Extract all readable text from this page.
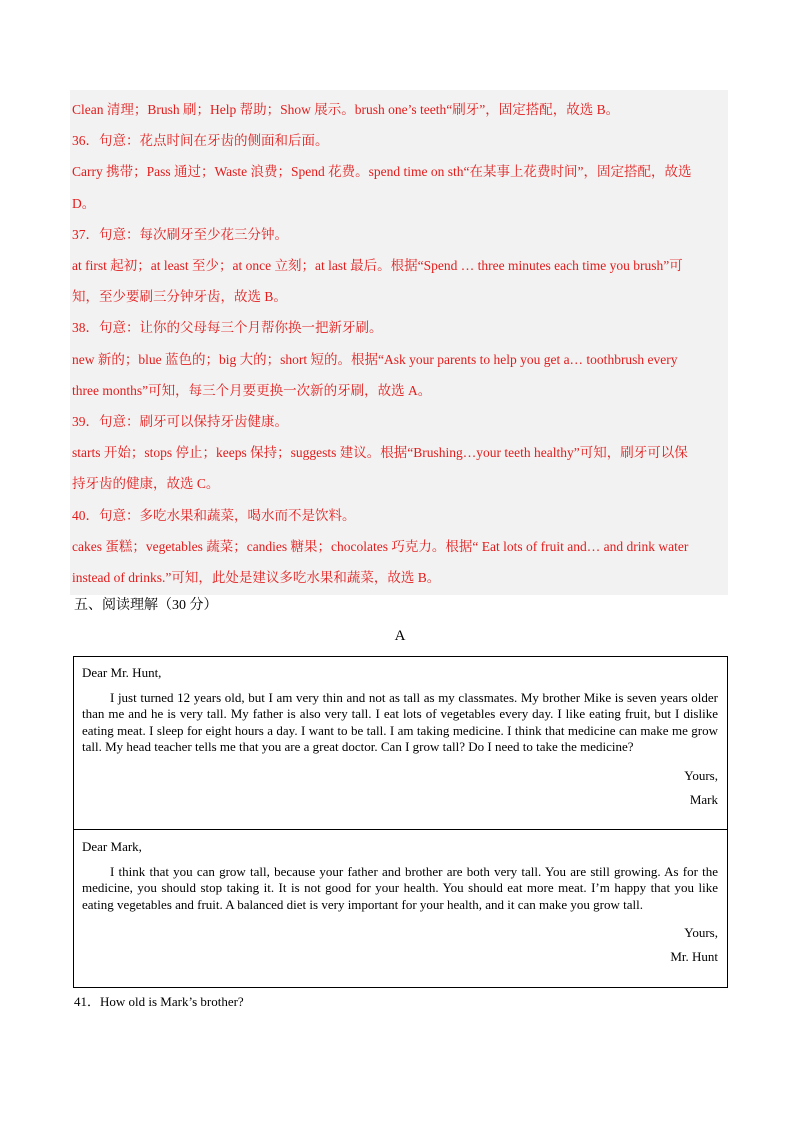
Clean 清理；Brush 刷；Help 帮助；Show 展示。brush one’s teeth“刷牙”，固定搭配，故选 B。

36．句意：花点时间在牙齿的侧面和后面。

Carry 携带；Pass 通过；Waste 浪费；Spend 花费。spend time on sth“在某事上花费时间”，固定搭配，故选

D。

37．句意：每次刷牙至少花三分钟。

at first 起初；at least 至少；at once 立刻；at last 最后。根据“Spend … three minutes each time you brush”可

知，至少要刷三分钟牙齿，故选 B。

38．句意：让你的父母每三个月帮你换一把新牙刷。

new 新的；blue 蓝色的；big 大的；short 短的。根据“Ask your parents to help you get a… toothbrush every

three months”可知，每三个月要更换一次新的牙刷，故选 A。

39．句意：刷牙可以保持牙齿健康。

starts 开始；stops 停止；keeps 保持；suggests 建议。根据“Brushing…your teeth healthy”可知，刷牙可以保

持牙齿的健康，故选 C。

40．句意：多吃水果和蔬菜，喝水而不是饮料。

cakes 蛋糕；vegetables 蔬菜；candies 糖果；chocolates 巧克力。根据“ Eat lots of fruit and… and drink water

instead of drinks.”可知，此处是建议多吃水果和蔬菜，故选 B。

五、阅读理解（30 分）

A

Dear Mr. Hunt,

I just turned 12 years old, but I am very thin and not as tall as my classmates. My brother Mike is seven years older than me and he is very tall. My father is also very tall. I eat lots of vegetables every day. I like eating fruit, but I dislike eating meat. I sleep for eight hours a day. I want to be tall. I am taking medicine. I think that medicine can make me grow tall. My head teacher tells me that you are a great doctor. Can I grow tall? Do I need to take the medicine?

Yours,

Mark

Dear Mark,

I think that you can grow tall, because your father and brother are both very tall. You are still growing. As for the medicine, you should stop taking it. It is not good for your health. You should eat more meat. I’m happy that you like eating vegetables and fruit. A balanced diet is very important for your health, and it can make you grow tall.

Yours,

Mr. Hunt

41．How old is Mark’s brother?
